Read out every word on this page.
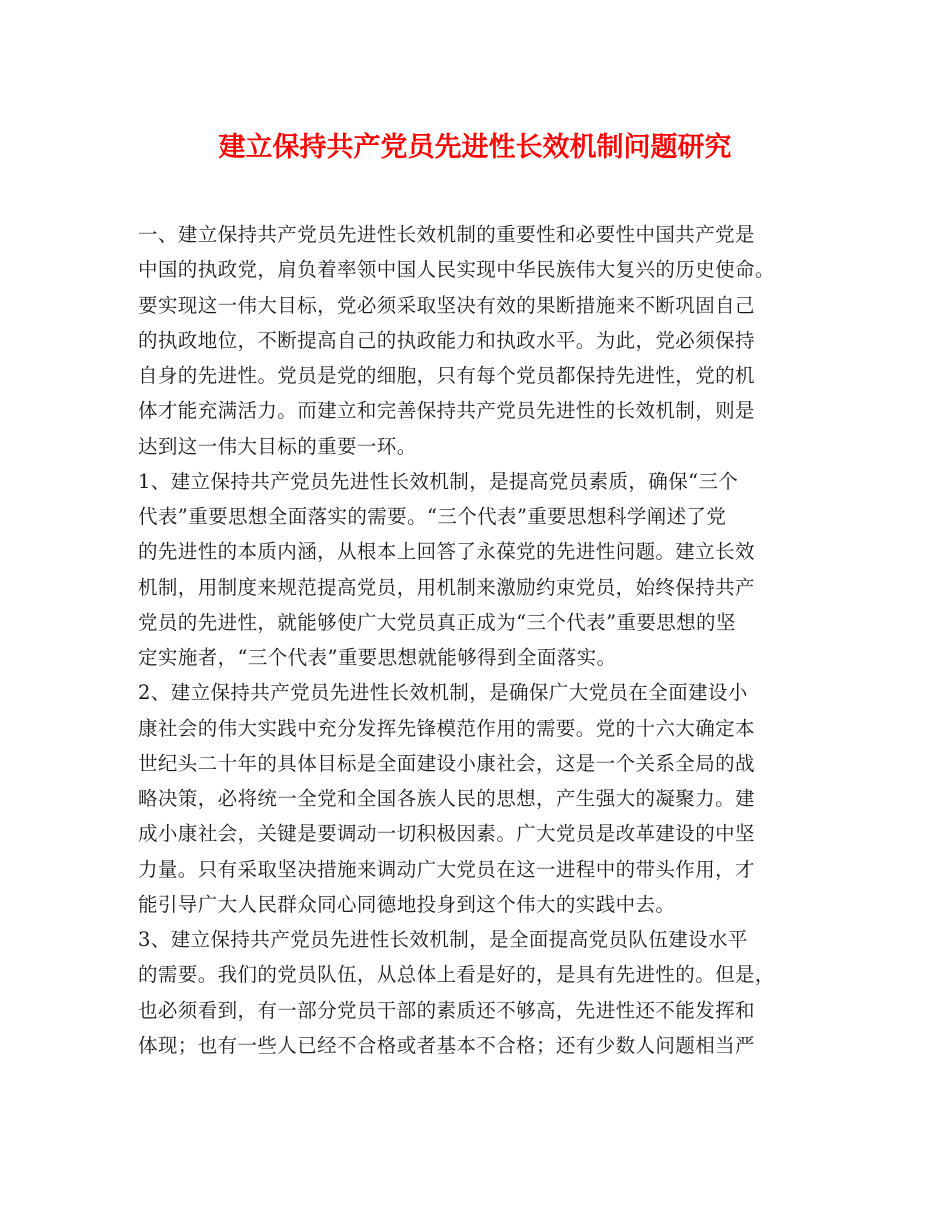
建立保持共产党员先进性长效机制问题研究
一、建立保持共产党员先进性长效机制的重要性和必要性中国共产党是
中国的执政党，肩负着率领中国人民实现中华民族伟大复兴的历史使命。
要实现这一伟大目标，党必须采取坚决有效的果断措施来不断巩固自己
的执政地位，不断提高自己的执政能力和执政水平。为此，党必须保持
自身的先进性。党员是党的细胞，只有每个党员都保持先进性，党的机
体才能充满活力。而建立和完善保持共产党员先进性的长效机制，则是
达到这一伟大目标的重要一环。
1、建立保持共产党员先进性长效机制，是提高党员素质，确保“三个
代表”重要思想全面落实的需要。“三个代表”重要思想科学阐述了党
的先进性的本质内涵，从根本上回答了永葆党的先进性问题。建立长效
机制，用制度来规范提高党员，用机制来激励约束党员，始终保持共产
党员的先进性，就能够使广大党员真正成为“三个代表”重要思想的坚
定实施者，“三个代表”重要思想就能够得到全面落实。
2、建立保持共产党员先进性长效机制，是确保广大党员在全面建设小
康社会的伟大实践中充分发挥先锋模范作用的需要。党的十六大确定本
世纪头二十年的具体目标是全面建设小康社会，这是一个关系全局的战
略决策，必将统一全党和全国各族人民的思想，产生强大的凝聚力。建
成小康社会，关键是要调动一切积极因素。广大党员是改革建设的中坚
力量。只有采取坚决措施来调动广大党员在这一进程中的带头作用，才
能引导广大人民群众同心同德地投身到这个伟大的实践中去。
3、建立保持共产党员先进性长效机制，是全面提高党员队伍建设水平
的需要。我们的党员队伍，从总体上看是好的，是具有先进性的。但是，
也必须看到，有一部分党员干部的素质还不够高，先进性还不能发挥和
体现；也有一些人已经不合格或者基本不合格；还有少数人问题相当严
